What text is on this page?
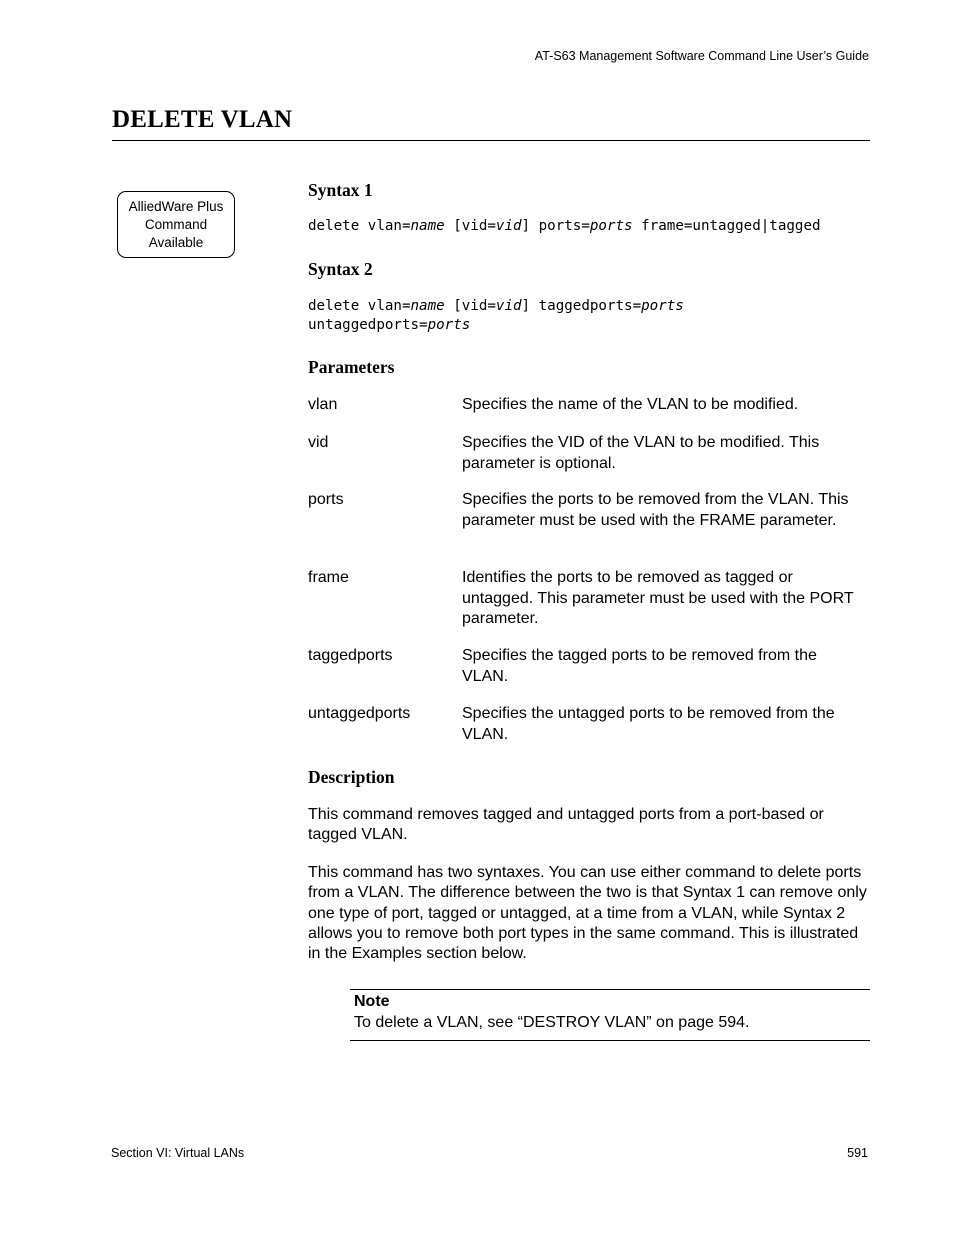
AT-S63 Management Software Command Line User’s Guide
DELETE VLAN
AlliedWare Plus
Command
Available
Syntax 1
delete vlan=name [vid=vid] ports=ports frame=untagged|tagged
Syntax 2
delete vlan=name [vid=vid] taggedports=ports
untaggedports=ports
Parameters
vlan	Specifies the name of the VLAN to be modified.
vid	Specifies the VID of the VLAN to be modified. This parameter is optional.
ports	Specifies the ports to be removed from the VLAN. This parameter must be used with the FRAME parameter.
frame	Identifies the ports to be removed as tagged or untagged. This parameter must be used with the PORT parameter.
taggedports	Specifies the tagged ports to be removed from the VLAN.
untaggedports	Specifies the untagged ports to be removed from the VLAN.
Description

This command removes tagged and untagged ports from a port-based or tagged VLAN.

This command has two syntaxes. You can use either command to delete ports from a VLAN. The difference between the two is that Syntax 1 can remove only one type of port, tagged or untagged, at a time from a VLAN, while Syntax 2 allows you to remove both port types in the same command. This is illustrated in the Examples section below.

Note
To delete a VLAN, see “DESTROY VLAN” on page 594.
Section VI: Virtual LANs	591
